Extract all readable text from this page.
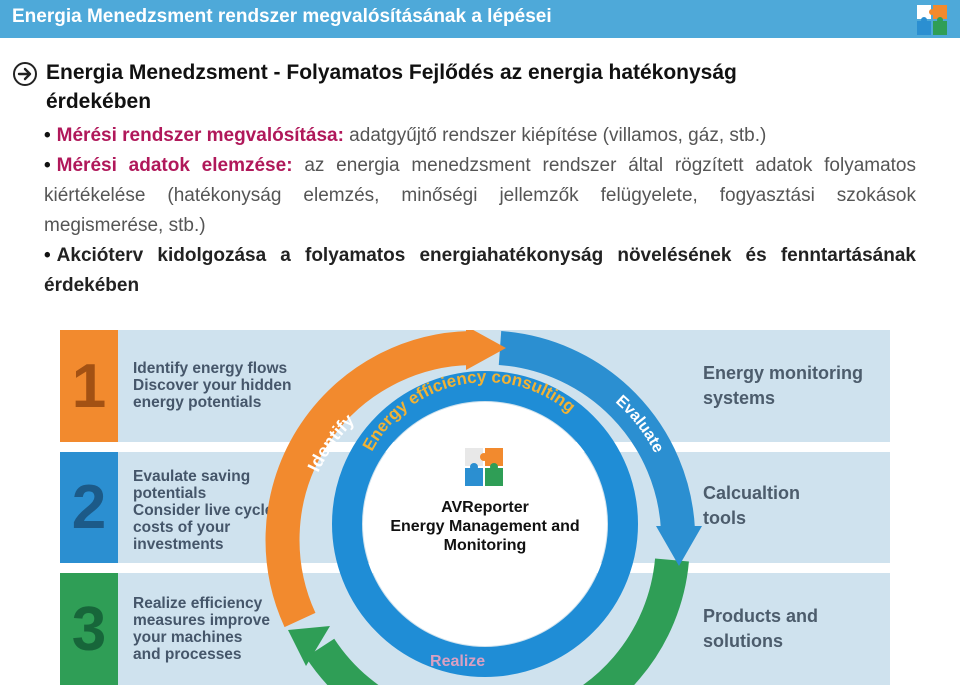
Energia Menedzsment rendszer megvalósításának a lépései
Energia Menedzsment - Folyamatos Fejlődés az energia hatékonyság érdekében
• Mérési rendszer megvalósítása: adatgyűjtő rendszer kiépítése (villamos, gáz, stb.)
• Mérési adatok elemzése: az energia menedzsment rendszer által rögzített adatok folyamatos kiértékelése (hatékonyság elemzés, minőségi jellemzők felügyelete, fogyasztási szokások megismerése, stb.)
• Akcióterv kidolgozása a folyamatos energiahatékonyság növelésének és fenntartásának érdekében
1	Identify energy flows
Discover your hidden
energy potentials
Energy monitoring
systems
2	Evaulate saving
potentials
Consider live cycle
costs of your
investments
Calcualtion
tools
3	Realize efficiency
measures improve
your machines
and processes
Products and
solutions
Identify
Energy efficiency consulting Evaluate
Realize
AVReporter
Energy Management and
Monitoring
